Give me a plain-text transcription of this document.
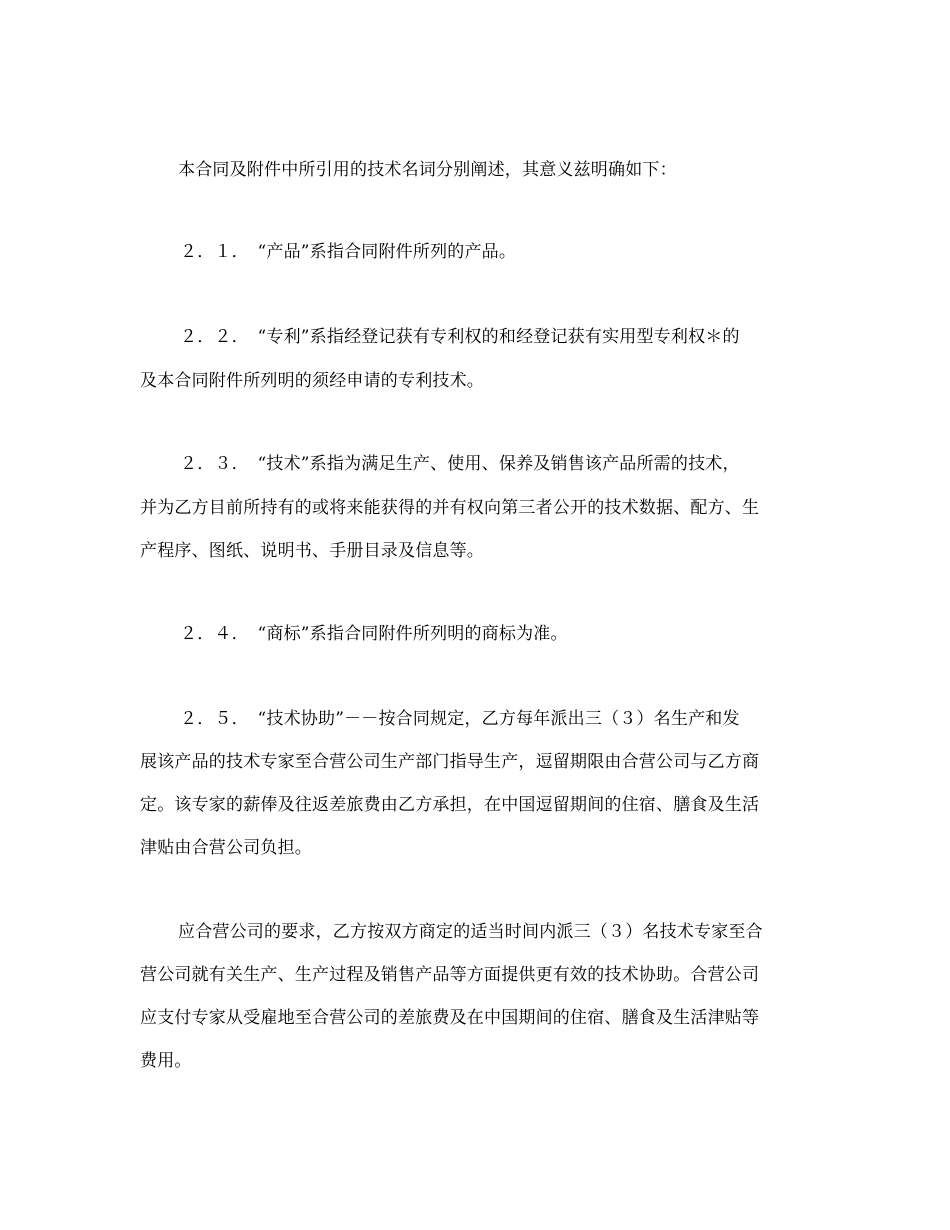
本合同及附件中所引用的技术名词分别阐述，其意义兹明确如下：

２．１．　“产品”系指合同附件所列的产品。

２．２．　“专利”系指经登记获有专利权的和经登记获有实用型专利权＊的

及本合同附件所列明的须经申请的专利技术。

２．３．　“技术”系指为满足生产、使用、保养及销售该产品所需的技术，

并为乙方目前所持有的或将来能获得的并有权向第三者公开的技术数据、配方、生

产程序、图纸、说明书、手册目录及信息等。

２．４．　“商标”系指合同附件所列明的商标为准。

２．５．　“技术协助”－－按合同规定，乙方每年派出三（３）名生产和发

展该产品的技术专家至合营公司生产部门指导生产，逗留期限由合营公司与乙方商

定。该专家的薪俸及往返差旅费由乙方承担，在中国逗留期间的住宿、膳食及生活

津贴由合营公司负担。

应合营公司的要求，乙方按双方商定的适当时间内派三（３）名技术专家至合

营公司就有关生产、生产过程及销售产品等方面提供更有效的技术协助。合营公司

应支付专家从受雇地至合营公司的差旅费及在中国期间的住宿、膳食及生活津贴等

费用。
